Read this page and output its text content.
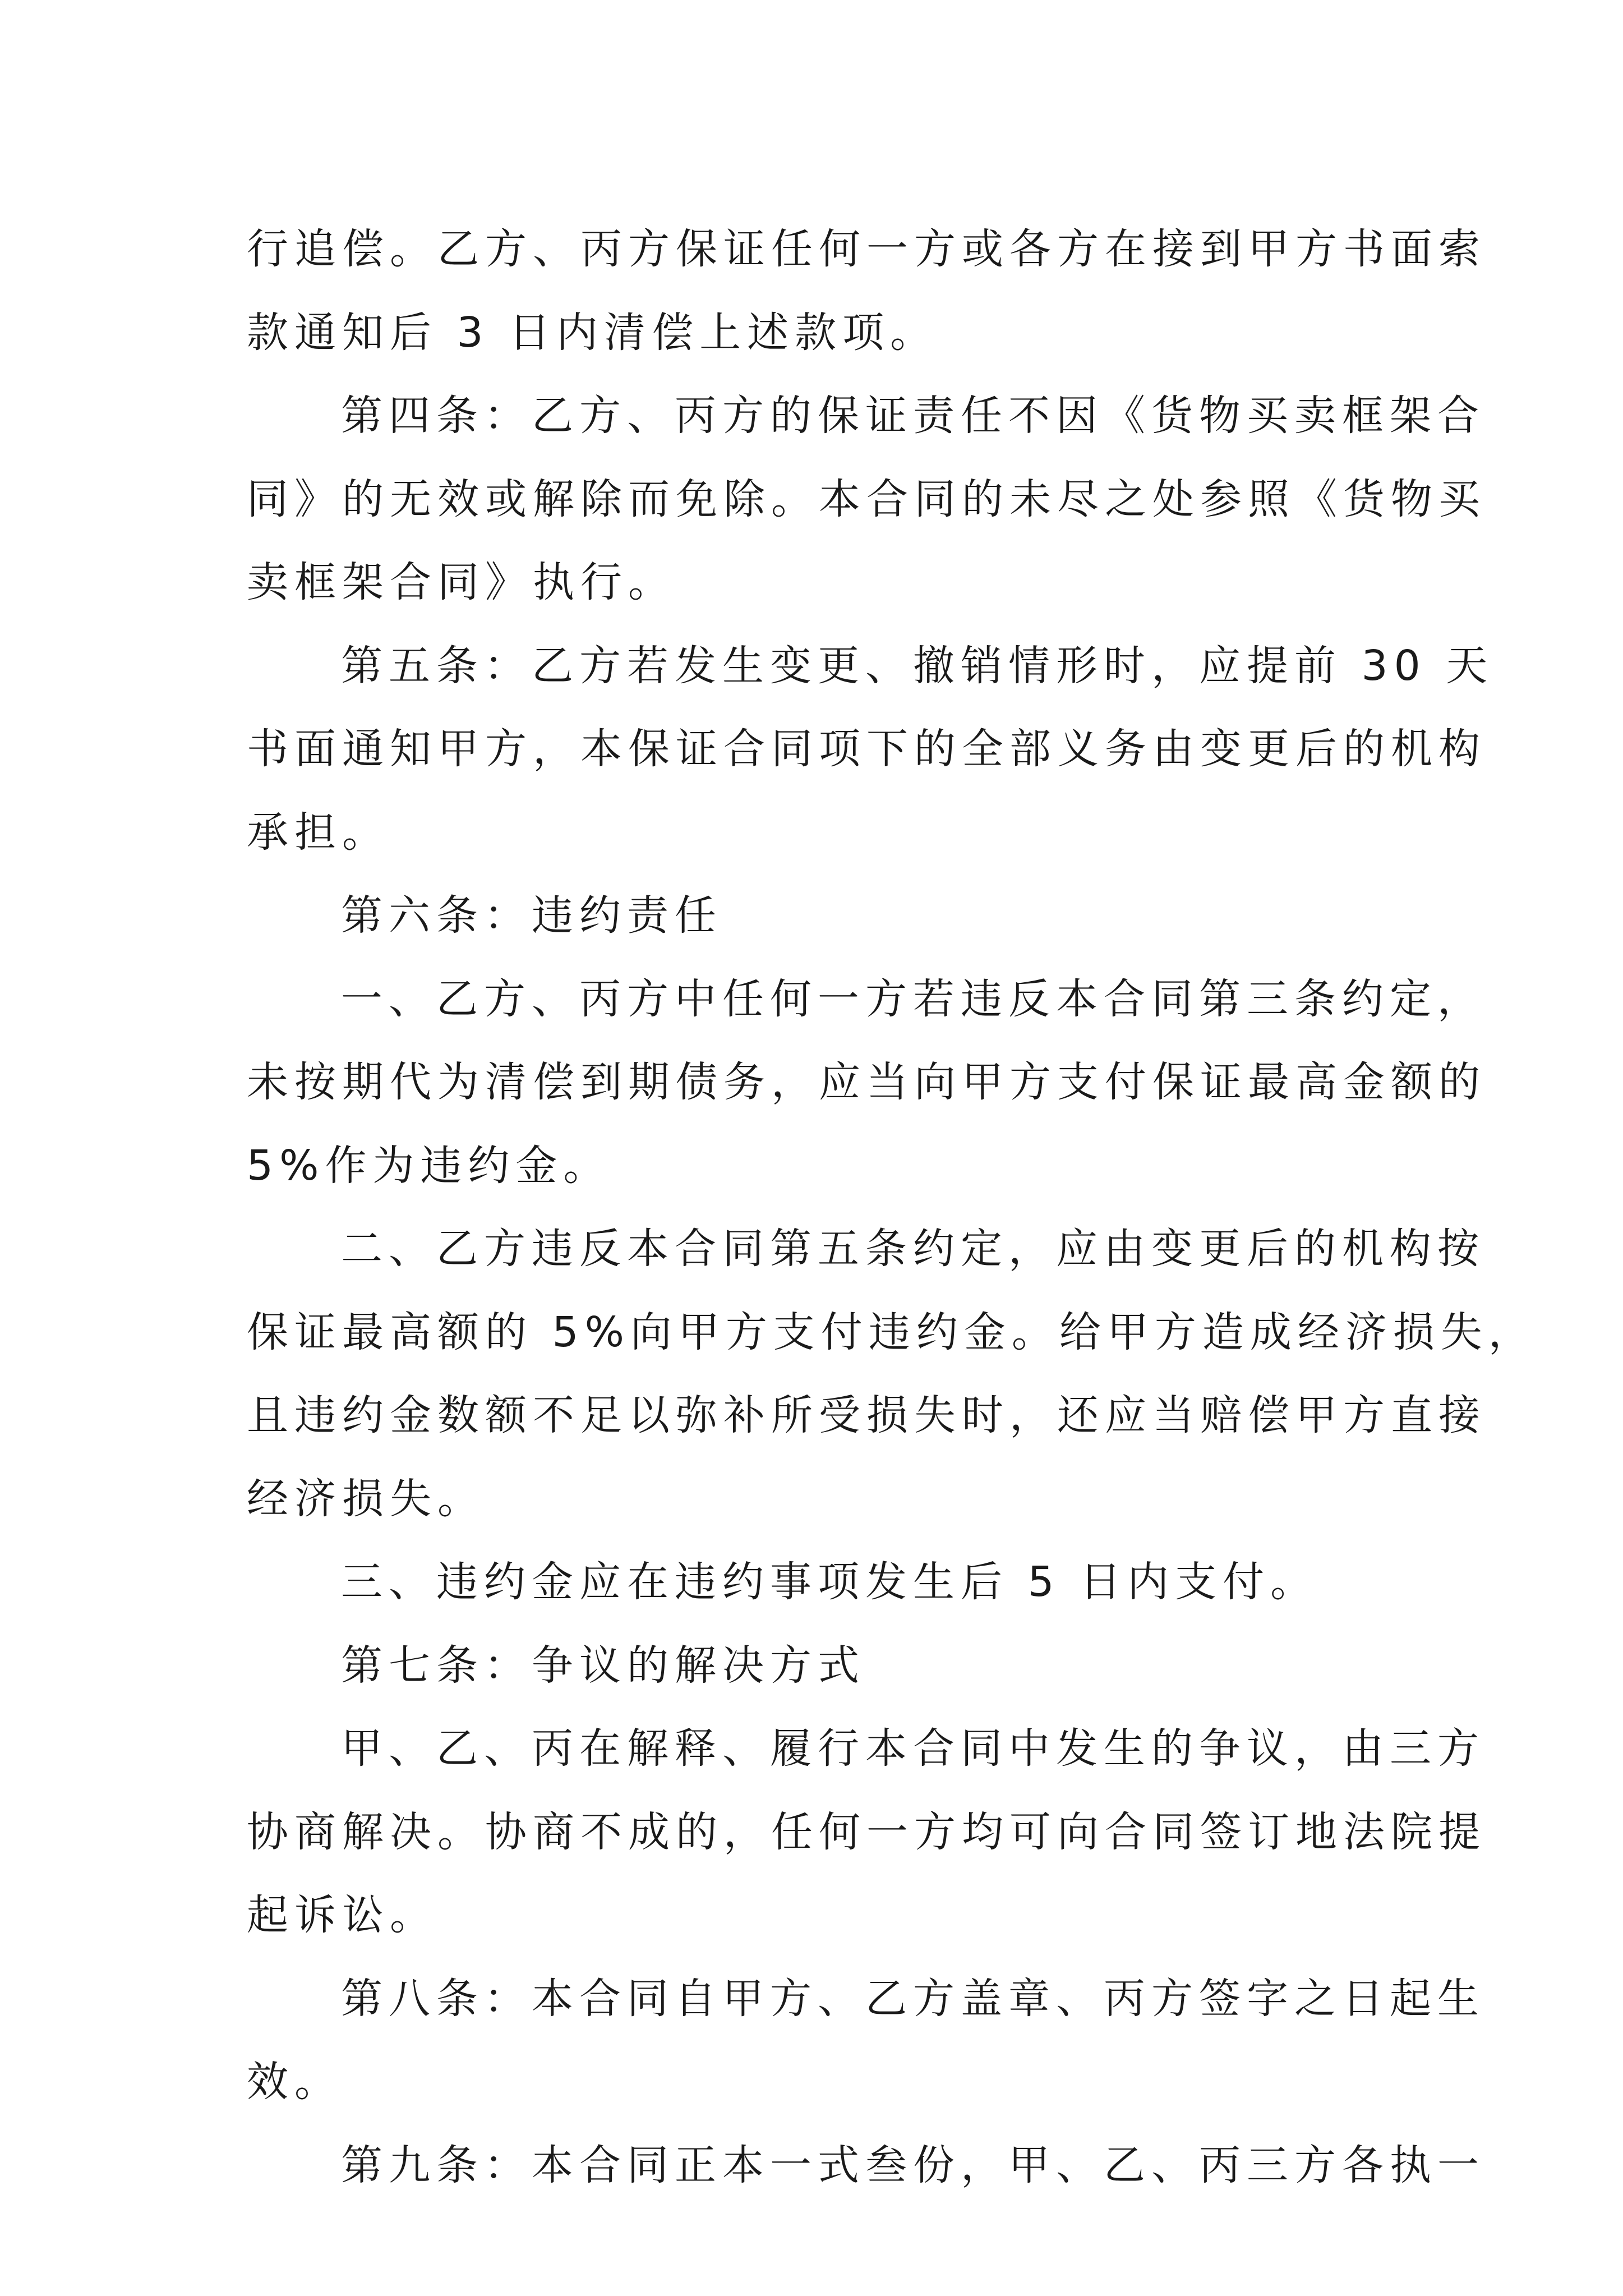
行追偿。乙方、丙方保证任何一方或各方在接到甲方书面索
款通知后 3 日内清偿上述款项。
第四条：乙方、丙方的保证责任不因《货物买卖框架合
同》的无效或解除而免除。本合同的未尽之处参照《货物买
卖框架合同》执行。
第五条：乙方若发生变更、撤销情形时，应提前 30 天
书面通知甲方，本保证合同项下的全部义务由变更后的机构
承担。
第六条：违约责任
一、乙方、丙方中任何一方若违反本合同第三条约定，
未按期代为清偿到期债务，应当向甲方支付保证最高金额的
5%作为违约金。
二、乙方违反本合同第五条约定，应由变更后的机构按
保证最高额的 5%向甲方支付违约金。给甲方造成经济损失，
且违约金数额不足以弥补所受损失时，还应当赔偿甲方直接
经济损失。
三、违约金应在违约事项发生后 5 日内支付。
第七条：争议的解决方式
甲、乙、丙在解释、履行本合同中发生的争议，由三方
协商解决。协商不成的，任何一方均可向合同签订地法院提
起诉讼。
第八条：本合同自甲方、乙方盖章、丙方签字之日起生
效。
第九条：本合同正本一式叁份，甲、乙、丙三方各执一
